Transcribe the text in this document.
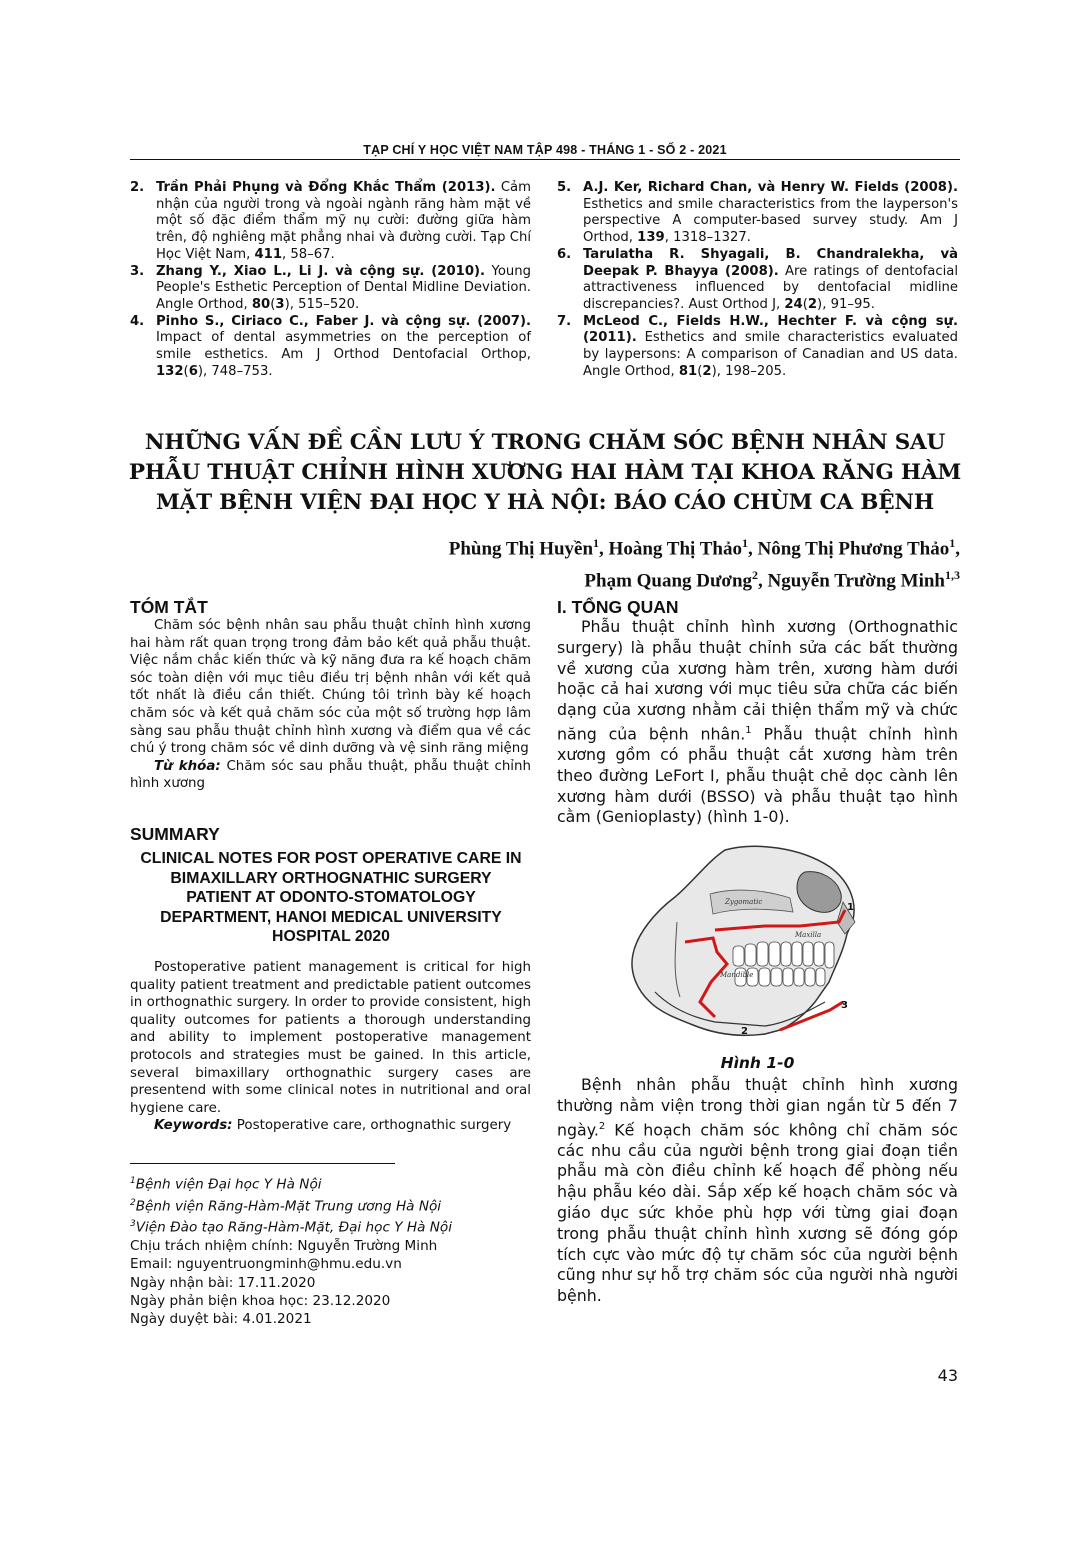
TẠP CHÍ Y HỌC VIỆT NAM TẬP 498 - THÁNG 1 - SỐ 2 - 2021
2. Trần Phải Phụng và Đổng Khắc Thẩm (2013). Cảm nhận của người trong và ngoài ngành răng hàm mặt về một số đặc điểm thẩm mỹ nụ cười: đường giữa hàm trên, độ nghiêng mặt phẳng nhai và đường cười. Tạp Chí Học Việt Nam, 411, 58–67.
3. Zhang Y., Xiao L., Li J. và cộng sự. (2010). Young People's Esthetic Perception of Dental Midline Deviation. Angle Orthod, 80(3), 515–520.
4. Pinho S., Ciriaco C., Faber J. và cộng sự. (2007). Impact of dental asymmetries on the perception of smile esthetics. Am J Orthod Dentofacial Orthop, 132(6), 748–753.
5. A.J. Ker, Richard Chan, và Henry W. Fields (2008). Esthetics and smile characteristics from the layperson's perspective A computer-based survey study. Am J Orthod, 139, 1318–1327.
6. Tarulatha R. Shyagali, B. Chandralekha, và Deepak P. Bhayya (2008). Are ratings of dentofacial attractiveness influenced by dentofacial midline discrepancies?. Aust Orthod J, 24(2), 91–95.
7. McLeod C., Fields H.W., Hechter F. và cộng sự. (2011). Esthetics and smile characteristics evaluated by laypersons: A comparison of Canadian and US data. Angle Orthod, 81(2), 198–205.
NHỮNG VẤN ĐỀ CẦN LƯU Ý TRONG CHĂM SÓC BỆNH NHÂN SAU PHẪU THUẬT CHỈNH HÌNH XƯƠNG HAI HÀM TẠI KHOA RĂNG HÀM MẶT BỆNH VIỆN ĐẠI HỌC Y HÀ NỘI: BÁO CÁO CHÙM CA BỆNH
Phùng Thị Huyền$^1$, Hoàng Thị Thảo$^1$, Nông Thị Phương Thảo$^1$,
Phạm Quang Dương$^2$, Nguyễn Trường Minh$^{1,3}$
TÓM TẮT

Chăm sóc bệnh nhân sau phẫu thuật chỉnh hình xương hai hàm rất quan trọng trong đảm bảo kết quả phẫu thuật. Việc nắm chắc kiến thức và kỹ năng đưa ra kế hoạch chăm sóc toàn diện với mục tiêu điều trị bệnh nhân với kết quả tốt nhất là điều cần thiết. Chúng tôi trình bày kế hoạch chăm sóc và kết quả chăm sóc của một số trường hợp lâm sàng sau phẫu thuật chỉnh hình xương và điểm qua về các chú ý trong chăm sóc về dinh dưỡng và vệ sinh răng miệng

Từ khóa: Chăm sóc sau phẫu thuật, phẫu thuật chỉnh hình xương

SUMMARY
CLINICAL NOTES FOR POST OPERATIVE CARE IN BIMAXILLARY ORTHOGNATHIC SURGERY PATIENT AT ODONTO-STOMATOLOGY DEPARTMENT, HANOI MEDICAL UNIVERSITY HOSPITAL 2020

Postoperative patient management is critical for high quality patient treatment and predictable patient outcomes in orthognathic surgery. In order to provide consistent, high quality outcomes for patients a thorough understanding and ability to implement postoperative management protocols and strategies must be gained. In this article, several bimaxillary orthognathic surgery cases are presentend with some clinical notes in nutritional and oral hygiene care.

Keywords: Postoperative care, orthognathic surgery

$^1$Bệnh viện Đại học Y Hà Nội
$^2$Bệnh viện Răng-Hàm-Mặt Trung ương Hà Nội
$^3$Viện Đào tạo Răng-Hàm-Mặt, Đại học Y Hà Nội
Chịu trách nhiệm chính: Nguyễn Trường Minh
Email: nguyentruongminh@hmu.edu.vn
Ngày nhận bài: 17.11.2020
Ngày phản biện khoa học: 23.12.2020
Ngày duyệt bài: 4.01.2021
I. TỔNG QUAN

Phẫu thuật chỉnh hình xương (Orthognathic surgery) là phẫu thuật chỉnh sửa các bất thường về xương của xương hàm trên, xương hàm dưới hoặc cả hai xương với mục tiêu sửa chữa các biến dạng của xương nhằm cải thiện thẩm mỹ và chức năng của bệnh nhân.$^1$ Phẫu thuật chỉnh hình xương gồm có phẫu thuật cắt xương hàm trên theo đường LeFort I, phẫu thuật chẻ dọc cành lên xương hàm dưới (BSSO) và phẫu thuật tạo hình cằm (Genioplasty) (hình 1-0).

Zygomatic
Maxilla
Mandible
1
2
3
Hình 1-0

Bệnh nhân phẫu thuật chỉnh hình xương thường nằm viện trong thời gian ngắn từ 5 đến 7 ngày.$^2$ Kế hoạch chăm sóc không chỉ chăm sóc các nhu cầu của người bệnh trong giai đoạn tiền phẫu mà còn điều chỉnh kế hoạch để phòng nếu hậu phẫu kéo dài. Sắp xếp kế hoạch chăm sóc và giáo dục sức khỏe phù hợp với từng giai đoạn trong phẫu thuật chỉnh hình xương sẽ đóng góp tích cực vào mức độ tự chăm sóc của người bệnh cũng như sự hỗ trợ chăm sóc của người nhà người bệnh.

43
